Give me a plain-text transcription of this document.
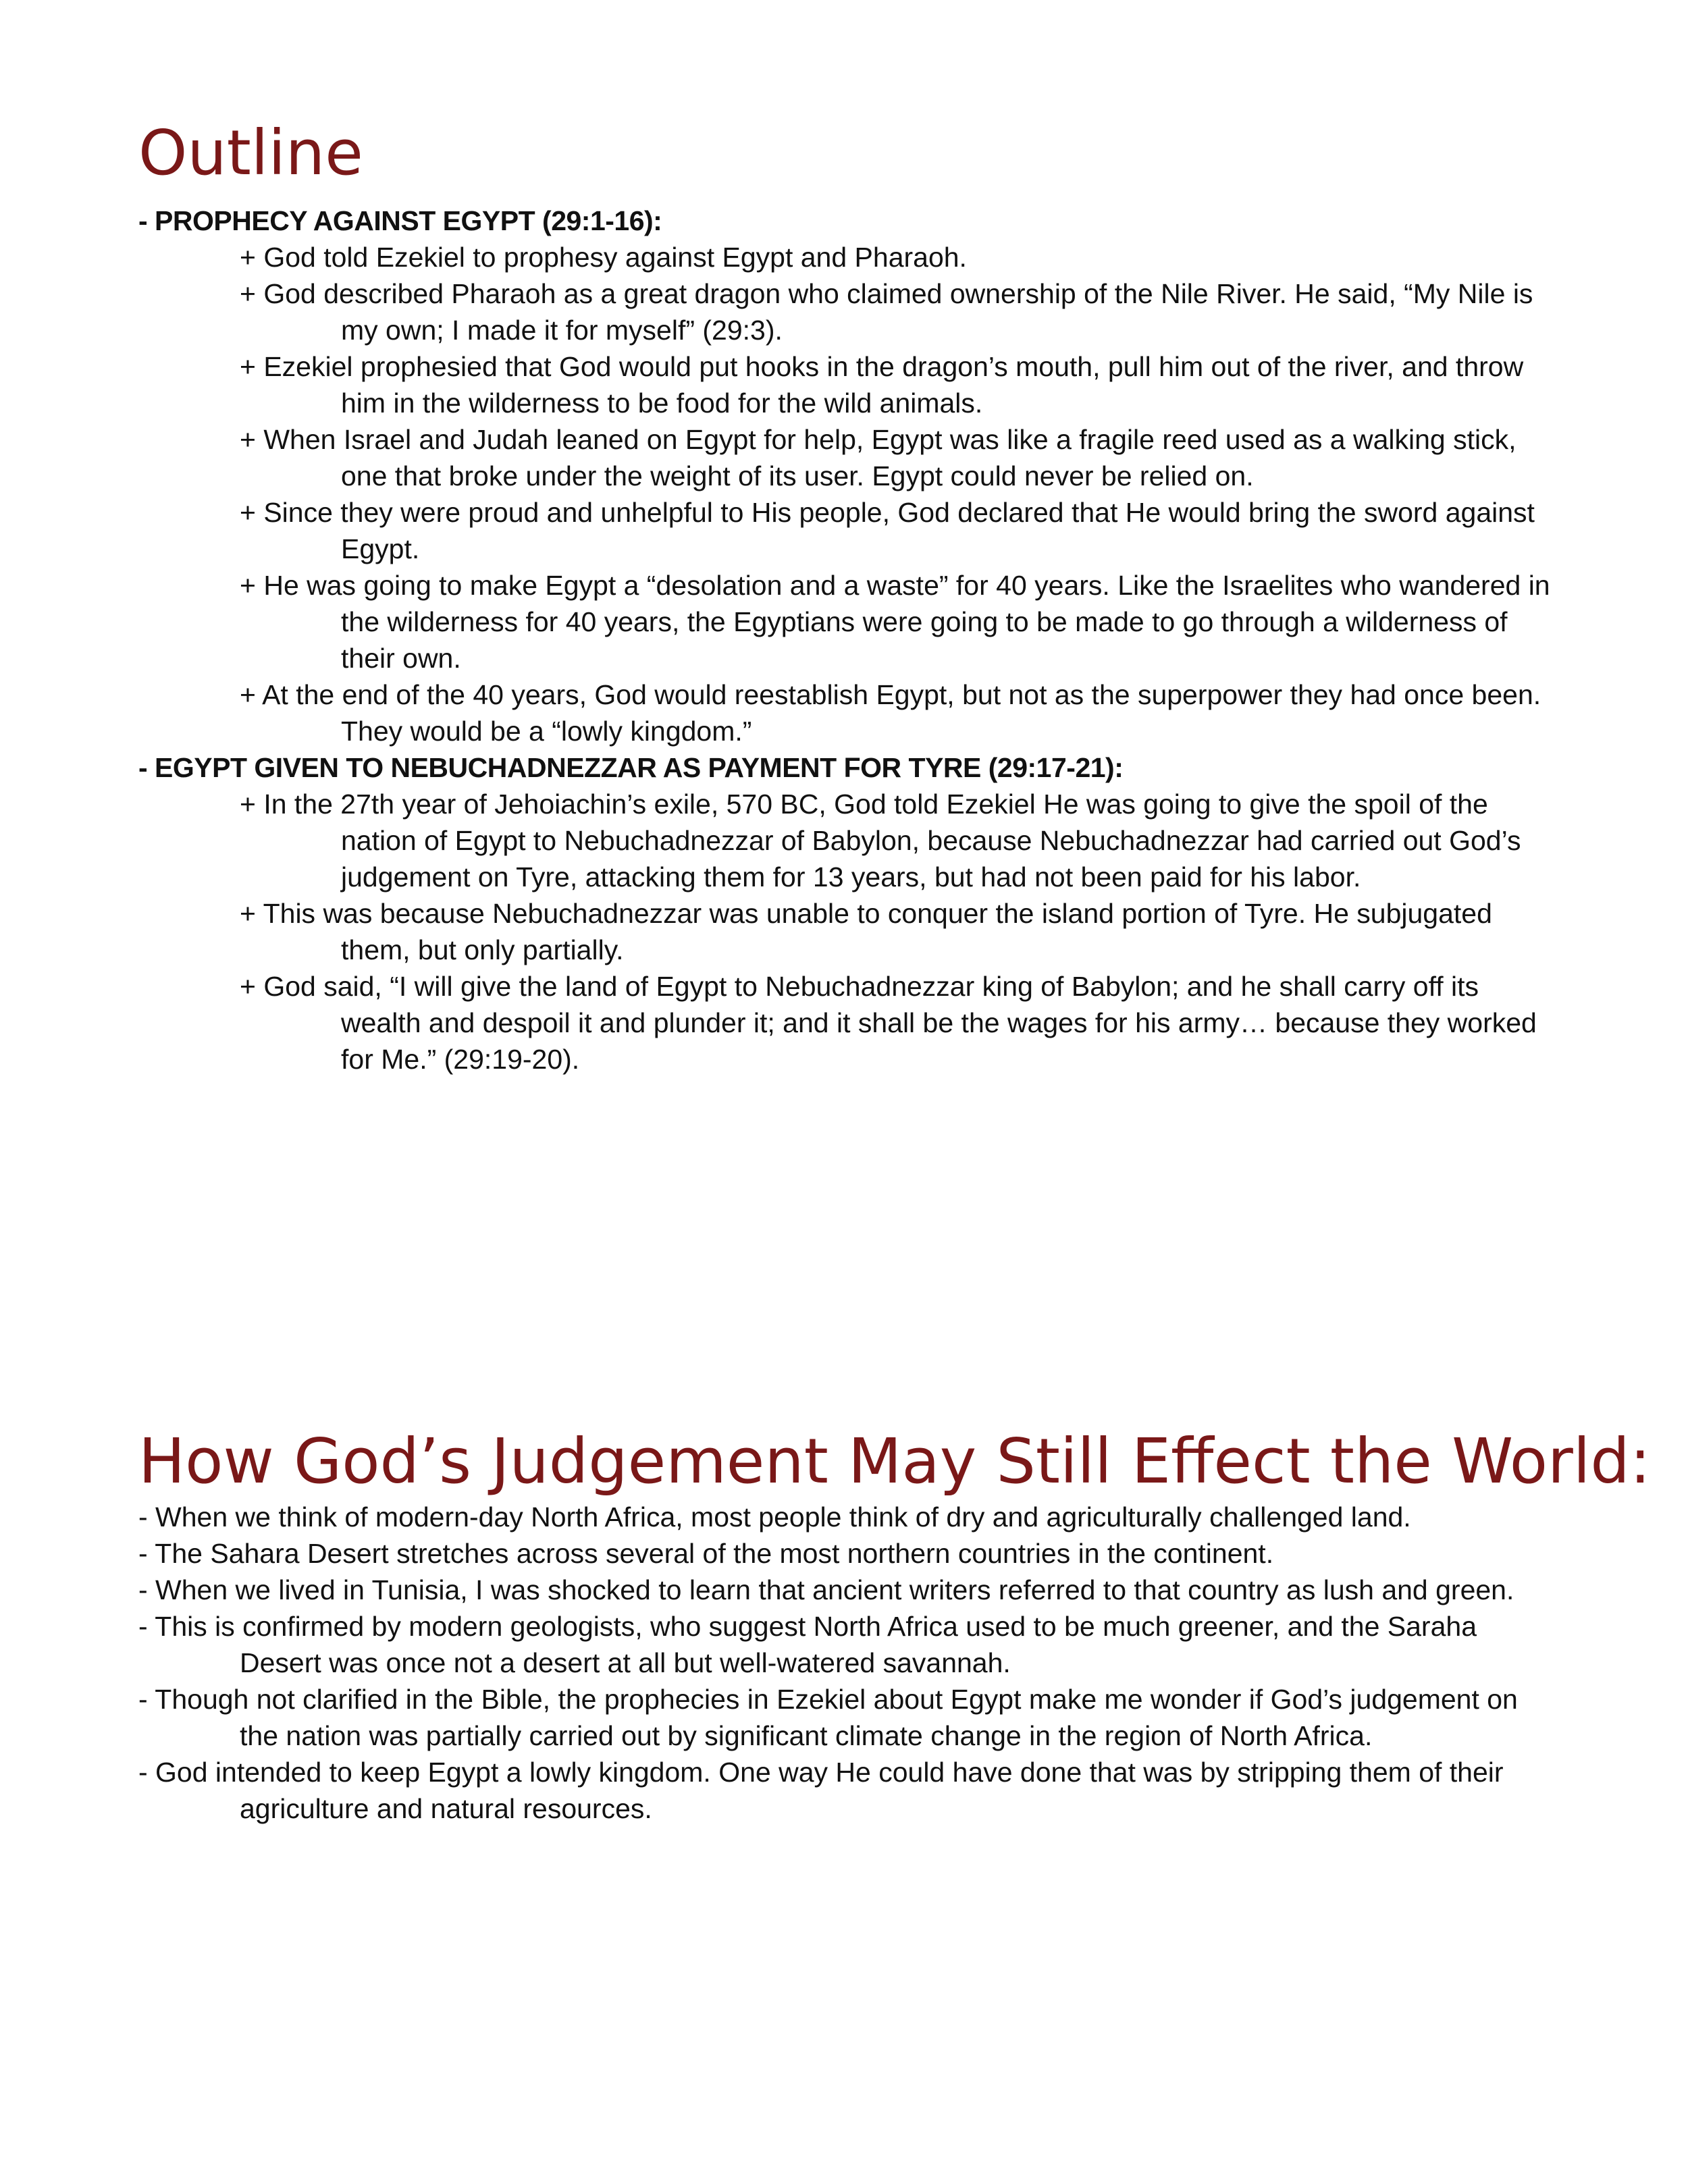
Outline
- PROPHECY AGAINST EGYPT (29:1-16):
+ God told Ezekiel to prophesy against Egypt and Pharaoh.
+ God described Pharaoh as a great dragon who claimed ownership of the Nile River. He said, “My Nile is my own; I made it for myself” (29:3).
+ Ezekiel prophesied that God would put hooks in the dragon’s mouth, pull him out of the river, and throw him in the wilderness to be food for the wild animals.
+ When Israel and Judah leaned on Egypt for help, Egypt was like a fragile reed used as a walking stick, one that broke under the weight of its user. Egypt could never be relied on.
+ Since they were proud and unhelpful to His people, God declared that He would bring the sword against Egypt.
+ He was going to make Egypt a “desolation and a waste” for 40 years. Like the Israelites who wandered in the wilderness for 40 years, the Egyptians were going to be made to go through a wilderness of their own.
+ At the end of the 40 years, God would reestablish Egypt, but not as the superpower they had once been. They would be a “lowly kingdom.”
- EGYPT GIVEN TO NEBUCHADNEZZAR AS PAYMENT FOR TYRE (29:17-21):
+ In the 27th year of Jehoiachin’s exile, 570 BC, God told Ezekiel He was going to give the spoil of the nation of Egypt to Nebuchadnezzar of Babylon, because Nebuchadnezzar had carried out God’s judgement on Tyre, attacking them for 13 years, but had not been paid for his labor.
+ This was because Nebuchadnezzar was unable to conquer the island portion of Tyre. He subjugated them, but only partially.
+ God said, “I will give the land of Egypt to Nebuchadnezzar king of Babylon; and he shall carry off its wealth and despoil it and plunder it; and it shall be the wages for his army… because they worked for Me.” (29:19-20).
How God’s Judgement May Still Effect the World:
- When we think of modern-day North Africa, most people think of dry and agriculturally challenged land.
- The Sahara Desert stretches across several of the most northern countries in the continent.
- When we lived in Tunisia, I was shocked to learn that ancient writers referred to that country as lush and green.
- This is confirmed by modern geologists, who suggest North Africa used to be much greener, and the Saraha Desert was once not a desert at all but well-watered savannah.
- Though not clarified in the Bible, the prophecies in Ezekiel about Egypt make me wonder if God’s judgement on the nation was partially carried out by significant climate change in the region of North Africa.
- God intended to keep Egypt a lowly kingdom. One way He could have done that was by stripping them of their agriculture and natural resources.
